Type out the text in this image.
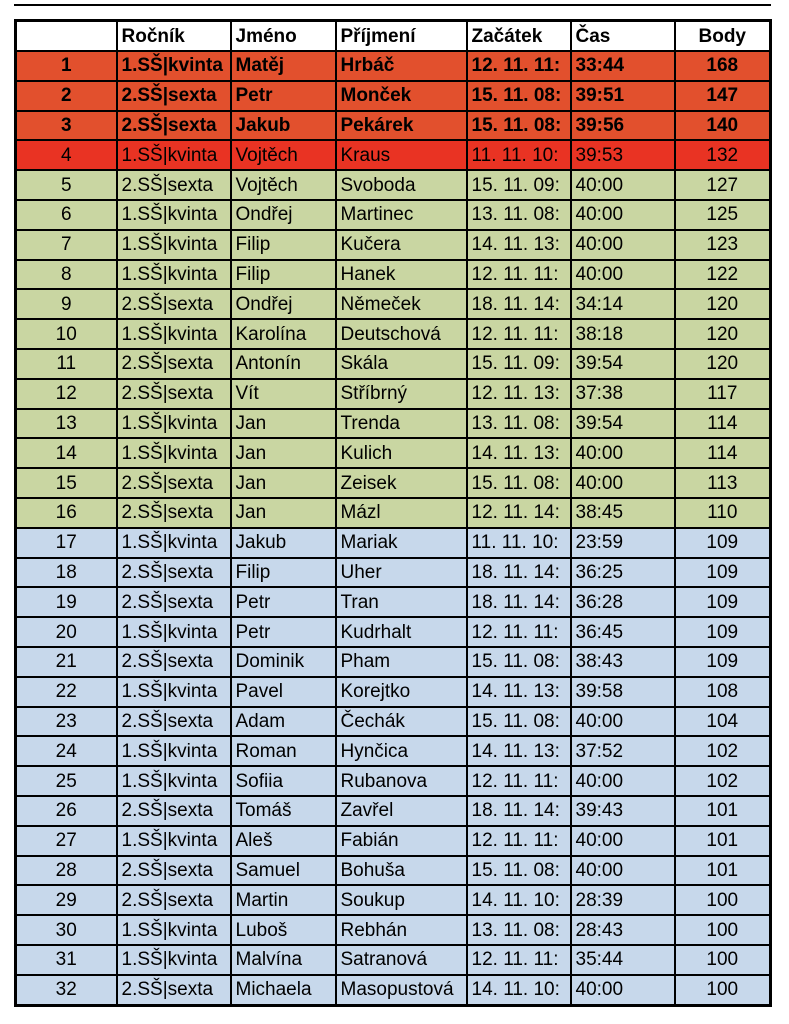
	Ročník	Jméno	Příjmení	Začátek	Čas	Body
1	1.SŠ|kvinta	Matěj	Hrbáč	12. 11. 11:	33:44	168
2	2.SŠ|sexta	Petr	Monček	15. 11. 08:	39:51	147
3	2.SŠ|sexta	Jakub	Pekárek	15. 11. 08:	39:56	140
4	1.SŠ|kvinta	Vojtěch	Kraus	11. 11. 10:	39:53	132
5	2.SŠ|sexta	Vojtěch	Svoboda	15. 11. 09:	40:00	127
6	1.SŠ|kvinta	Ondřej	Martinec	13. 11. 08:	40:00	125
7	1.SŠ|kvinta	Filip	Kučera	14. 11. 13:	40:00	123
8	1.SŠ|kvinta	Filip	Hanek	12. 11. 11:	40:00	122
9	2.SŠ|sexta	Ondřej	Němeček	18. 11. 14:	34:14	120
10	1.SŠ|kvinta	Karolína	Deutschová	12. 11. 11:	38:18	120
11	2.SŠ|sexta	Antonín	Skála	15. 11. 09:	39:54	120
12	2.SŠ|sexta	Vít	Stříbrný	12. 11. 13:	37:38	117
13	1.SŠ|kvinta	Jan	Trenda	13. 11. 08:	39:54	114
14	1.SŠ|kvinta	Jan	Kulich	14. 11. 13:	40:00	114
15	2.SŠ|sexta	Jan	Zeisek	15. 11. 08:	40:00	113
16	2.SŠ|sexta	Jan	Mázl	12. 11. 14:	38:45	110
17	1.SŠ|kvinta	Jakub	Mariak	11. 11. 10:	23:59	109
18	2.SŠ|sexta	Filip	Uher	18. 11. 14:	36:25	109
19	2.SŠ|sexta	Petr	Tran	18. 11. 14:	36:28	109
20	1.SŠ|kvinta	Petr	Kudrhalt	12. 11. 11:	36:45	109
21	2.SŠ|sexta	Dominik	Pham	15. 11. 08:	38:43	109
22	1.SŠ|kvinta	Pavel	Korejtko	14. 11. 13:	39:58	108
23	2.SŠ|sexta	Adam	Čechák	15. 11. 08:	40:00	104
24	1.SŠ|kvinta	Roman	Hynčica	14. 11. 13:	37:52	102
25	1.SŠ|kvinta	Sofiia	Rubanova	12. 11. 11:	40:00	102
26	2.SŠ|sexta	Tomáš	Zavřel	18. 11. 14:	39:43	101
27	1.SŠ|kvinta	Aleš	Fabián	12. 11. 11:	40:00	101
28	2.SŠ|sexta	Samuel	Bohuša	15. 11. 08:	40:00	101
29	2.SŠ|sexta	Martin	Soukup	14. 11. 10:	28:39	100
30	1.SŠ|kvinta	Luboš	Rebhán	13. 11. 08:	28:43	100
31	1.SŠ|kvinta	Malvína	Satranová	12. 11. 11:	35:44	100
32	2.SŠ|sexta	Michaela	Masopustová	14. 11. 10:	40:00	100
